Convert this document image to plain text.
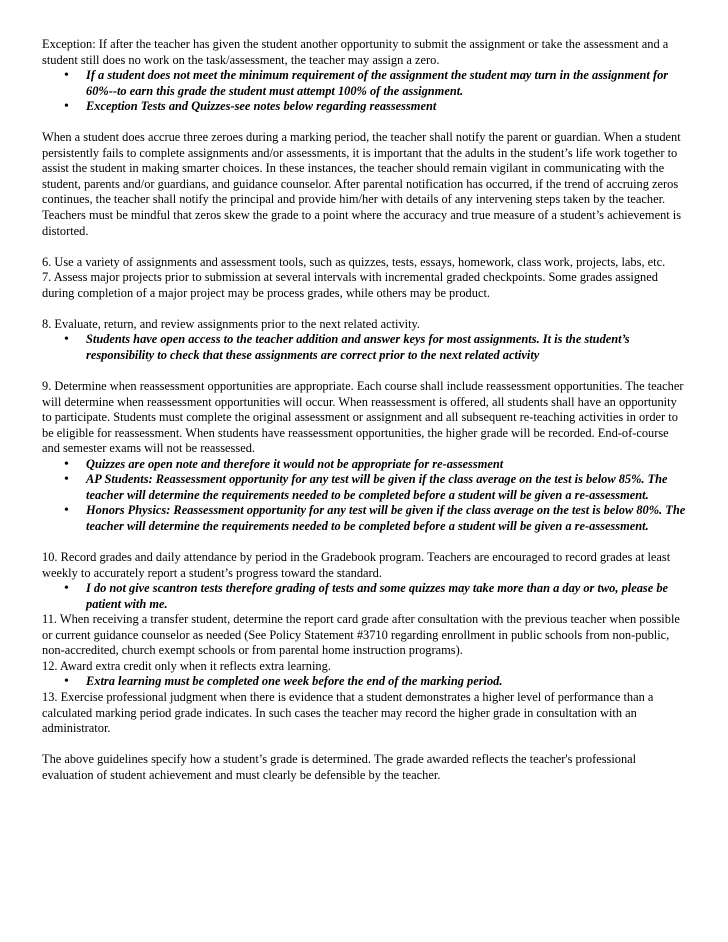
Exception: If after the teacher has given the student another opportunity to submit the assignment or take the assessment and a student still does no work on the task/assessment, the teacher may assign a zero.

• If a student does not meet the minimum requirement of the assignment the student may turn in the assignment for 60%--to earn this grade the student must attempt 100% of the assignment.
• Exception Tests and Quizzes-see notes below regarding reassessment

When a student does accrue three zeroes during a marking period, the teacher shall notify the parent or guardian. When a student persistently fails to complete assignments and/or assessments, it is important that the adults in the student’s life work together to assist the student in making smarter choices. In these instances, the teacher should remain vigilant in communicating with the student, parents and/or guardians, and guidance counselor. After parental notification has occurred, if the trend of accruing zeros continues, the teacher shall notify the principal and provide him/her with details of any intervening steps taken by the teacher. Teachers must be mindful that zeros skew the grade to a point where the accuracy and true measure of a student’s achievement is distorted.

6. Use a variety of assignments and assessment tools, such as quizzes, tests, essays, homework, class work, projects, labs, etc.

7. Assess major projects prior to submission at several intervals with incremental graded checkpoints. Some grades assigned during completion of a major project may be process grades, while others may be product.

8. Evaluate, return, and review assignments prior to the next related activity.

• Students have open access to the teacher addition and answer keys for most assignments. It is the student’s responsibility to check that these assignments are correct prior to the next related activity

9. Determine when reassessment opportunities are appropriate. Each course shall include reassessment opportunities. The teacher will determine when reassessment opportunities will occur. When reassessment is offered, all students shall have an opportunity to participate. Students must complete the original assessment or assignment and all subsequent re-teaching activities in order to be eligible for reassessment. When students have reassessment opportunities, the higher grade will be recorded. End-of-course and semester exams will not be reassessed.

• Quizzes are open note and therefore it would not be appropriate for re-assessment
• AP Students: Reassessment opportunity for any test will be given if the class average on the test is below 85%. The teacher will determine the requirements needed to be completed before a student will be given a re-assessment.
• Honors Physics: Reassessment opportunity for any test will be given if the class average on the test is below 80%. The teacher will determine the requirements needed to be completed before a student will be given a re-assessment.

10. Record grades and daily attendance by period in the Gradebook program. Teachers are encouraged to record grades at least weekly to accurately report a student’s progress toward the standard.

• I do not give scantron tests therefore grading of tests and some quizzes may take more than a day or two, please be patient with me.

11. When receiving a transfer student, determine the report card grade after consultation with the previous teacher when possible or current guidance counselor as needed (See Policy Statement #3710 regarding enrollment in public schools from non-public, non-accredited, church exempt schools or from parental home instruction programs).

12. Award extra credit only when it reflects extra learning.

• Extra learning must be completed one week before the end of the marking period.

13. Exercise professional judgment when there is evidence that a student demonstrates a higher level of performance than a calculated marking period grade indicates. In such cases the teacher may record the higher grade in consultation with an administrator.

The above guidelines specify how a student’s grade is determined. The grade awarded reflects the teacher's professional evaluation of student achievement and must clearly be defensible by the teacher.
